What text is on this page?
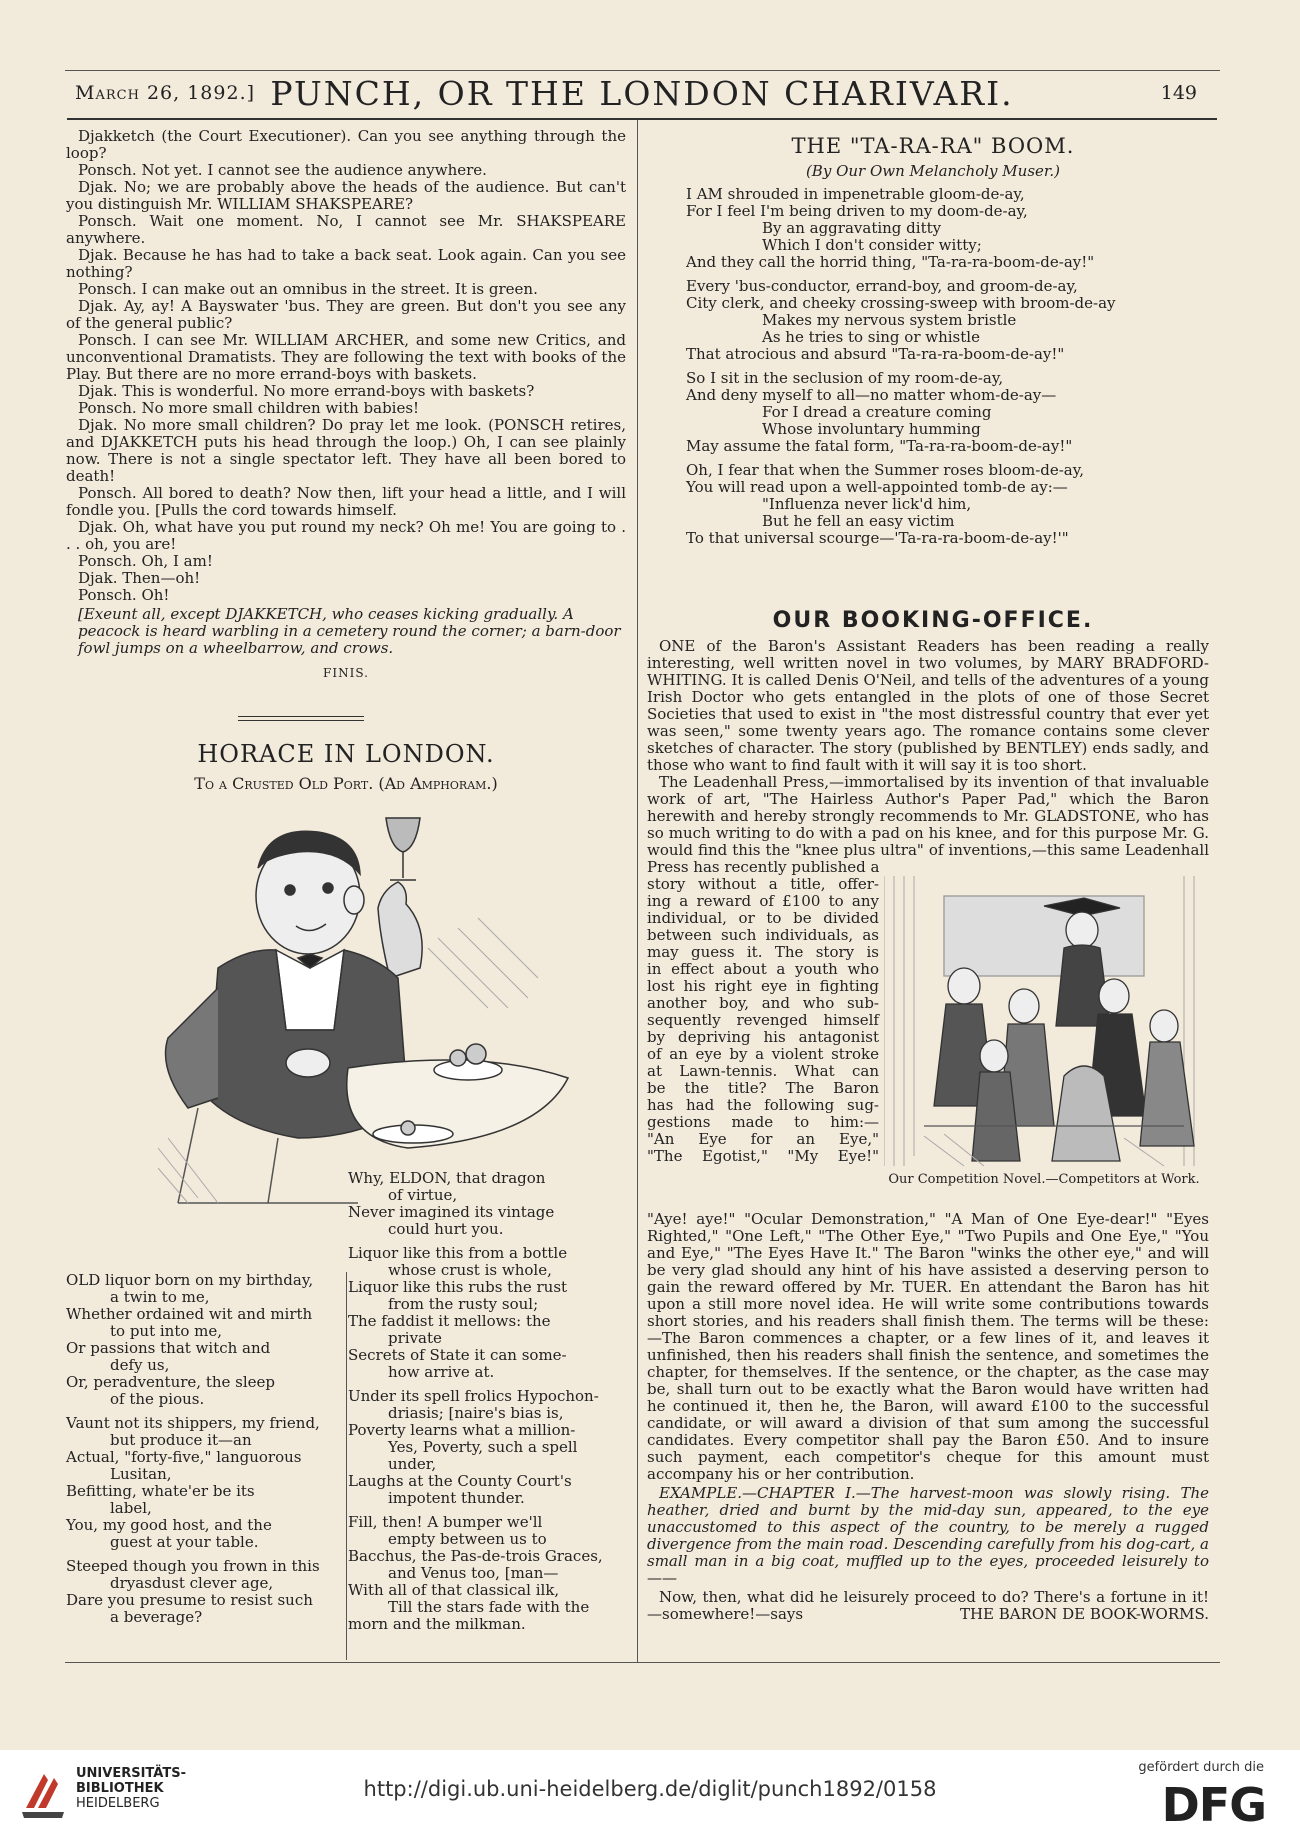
March 26, 1892.] PUNCH, OR THE LONDON CHARIVARI.	149

Djakketch (the Court Executioner). Can you see anything through the loop?

Ponsch. Not yet. I cannot see the audience anywhere.

Djak. No; we are probably above the heads of the audience. But can't you distinguish Mr. WILLIAM SHAKSPEARE?

Ponsch. Wait one moment. No, I cannot see Mr. SHAKSPEARE anywhere.

Djak. Because he has had to take a back seat. Look again. Can you see nothing?

Ponsch. I can make out an omnibus in the street. It is green.

Djak. Ay, ay! A Bayswater 'bus. They are green. But don't you see any of the general public?

Ponsch. I can see Mr. WILLIAM ARCHER, and some new Critics, and unconventional Dramatists. They are following the text with books of the Play. But there are no more errand-boys with baskets.

Djak. This is wonderful. No more errand-boys with baskets?

Ponsch. No more small children with babies!

Djak. No more small children? Do pray let me look. (PONSCH retires, and DJAKKETCH puts his head through the loop.) Oh, I can see plainly now. There is not a single spectator left. They have all been bored to death!

Ponsch. All bored to death? Now then, lift your head a little, and I will fondle you. [Pulls the cord towards himself.

Djak. Oh, what have you put round my neck? Oh me! You are going to . . . oh, you are!

Ponsch. Oh, I am!

Djak. Then—oh!

Ponsch. Oh!

[Exeunt all, except DJAKKETCH, who ceases kicking gradually. A peacock is heard warbling in a cemetery round the corner; a barn-door fowl jumps on a wheelbarrow, and crows.

FINIS.

HORACE IN LONDON.
To a Crusted Old Port. (Ad Amphoram.)

Why, ELDON, that dragon

of virtue,

Never imagined its vintage

could hurt you.

Liquor like this from a bottle

whose crust is whole,

Liquor like this rubs the rust

from the rusty soul;

The faddist it mellows: the

private

Secrets of State it can some-

how arrive at.

Under its spell frolics Hypochon-

driasis; [naire's bias is,

Poverty learns what a million-

Yes, Poverty, such a spell under,

Laughs at the County Court's

impotent thunder.

Fill, then! A bumper we'll

empty between us to

Bacchus, the Pas-de-trois Graces,

and Venus too, [man—

With all of that classical ilk,

Till the stars fade with the

morn and the milkman.

OLD liquor born on my birthday,

a twin to me,

Whether ordained wit and mirth

to put into me,

Or passions that witch and

defy us,

Or, peradventure, the sleep

of the pious.

Vaunt not its shippers, my friend,

but produce it—an

Actual, "forty-five," languorous

Lusitan,

Befitting, whate'er be its

label,

You, my good host, and the

guest at your table.

Steeped though you frown in this

dryasdust clever age,

Dare you presume to resist such

a beverage?

THE "TA-RA-RA" BOOM.
(By Our Own Melancholy Muser.)

I AM shrouded in impenetrable gloom-de-ay,

For I feel I'm being driven to my doom-de-ay,

By an aggravating ditty

Which I don't consider witty;

And they call the horrid thing, "Ta-ra-ra-boom-de-ay!"

Every 'bus-conductor, errand-boy, and groom-de-ay,

City clerk, and cheeky crossing-sweep with broom-de-ay

Makes my nervous system bristle

As he tries to sing or whistle

That atrocious and absurd "Ta-ra-ra-boom-de-ay!"

So I sit in the seclusion of my room-de-ay,

And deny myself to all—no matter whom-de-ay—

For I dread a creature coming

Whose involuntary humming

May assume the fatal form, "Ta-ra-ra-boom-de-ay!"

Oh, I fear that when the Summer roses bloom-de-ay,

You will read upon a well-appointed tomb-de ay:—

"Influenza never lick'd him,

But he fell an easy victim

To that universal scourge—'Ta-ra-ra-boom-de-ay!'"

OUR BOOKING-OFFICE.

ONE of the Baron's Assistant Readers has been reading a really interesting, well written novel in two volumes, by MARY BRADFORD-WHITING. It is called Denis O'Neil, and tells of the adventures of a young Irish Doctor who gets entangled in the plots of one of those Secret Societies that used to exist in "the most distressful country that ever yet was seen," some twenty years ago. The romance contains some clever sketches of character. The story (published by BENTLEY) ends sadly, and those who want to find fault with it will say it is too short.

The Leadenhall Press,—immortalised by its invention of that invaluable work of art, "The Hairless Author's Paper Pad," which the Baron herewith and hereby strongly recommends to Mr. GLADSTONE, who has so much writing to do with a pad on his knee, and for this purpose Mr. G. would find this the "knee plus ultra" of inventions,—this same Leadenhall Press has recently published a

story without a title, offer-

ing a reward of £100 to any

individual, or to be divided

between such individuals, as

may guess it. The story is

in effect about a youth who

lost his right eye in fighting

another boy, and who sub-

sequently revenged himself

by depriving his antagonist

of an eye by a violent stroke

at Lawn-tennis. What can

be the title? The Baron

has had the following sug-

gestions made to him:—

"An Eye for an Eye,"

"The Egotist," "My Eye!"

Our Competition Novel.—Competitors at Work.

"Aye! aye!" "Ocular Demonstration," "A Man of One Eye-dear!" "Eyes Righted," "One Left," "The Other Eye," "Two Pupils and One Eye," "You and Eye," "The Eyes Have It." The Baron "winks the other eye," and will be very glad should any hint of his have assisted a deserving person to gain the reward offered by Mr. TUER. En attendant the Baron has hit upon a still more novel idea. He will write some contributions towards short stories, and his readers shall finish them. The terms will be these:—The Baron commences a chapter, or a few lines of it, and leaves it unfinished, then his readers shall finish the sentence, and sometimes the chapter, for themselves. If the sentence, or the chapter, as the case may be, shall turn out to be exactly what the Baron would have written had he continued it, then he, the Baron, will award £100 to the successful candidate, or will award a division of that sum among the successful candidates. Every competitor shall pay the Baron £50. And to insure such payment, each competitor's cheque for this amount must accompany his or her contribution.

EXAMPLE.—CHAPTER I.—The harvest-moon was slowly rising. The heather, dried and burnt by the mid-day sun, appeared, to the eye unaccustomed to this aspect of the country, to be merely a rugged divergence from the main road. Descending carefully from his dog-cart, a small man in a big coat, muffled up to the eyes, proceeded leisurely to——

Now, then, what did he leisurely proceed to do? There's a fortune in it!—somewhere!—says	THE BARON DE BOOK-WORMS.

UNIVERSITÄTS-
BIBLIOTHEK
HEIDELBERG
http://digi.ub.uni-heidelberg.de/diglit/punch1892/0158
gefördert durch die
DFG
